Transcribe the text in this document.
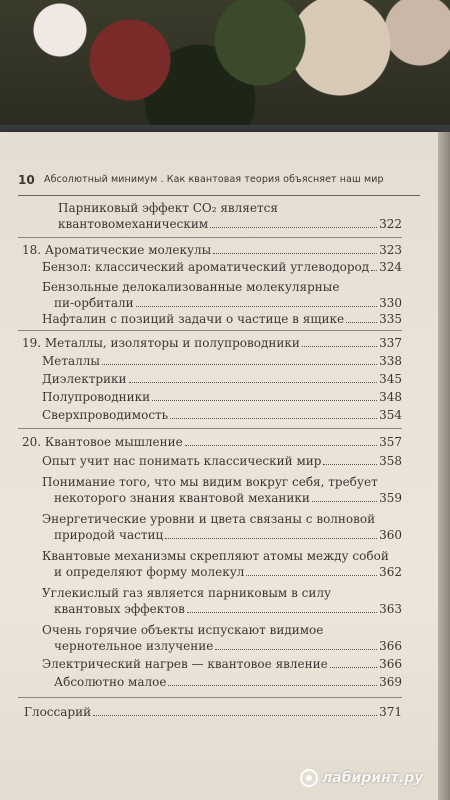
10 Абсолютный минимум . Как квантовая теория объясняет наш мир
Парниковый эффект CO₂ является
квантовомеханическим	322
18. Ароматические молекулы	323
Бензол: классический ароматический углеводород 324
Бензольные делокализованные молекулярные
пи-орбитали	330
Нафталин с позиций задачи о частице в ящике	335
19. Металлы, изоляторы и полупроводники	337
Металлы	338
Диэлектрики	345
Полупроводники	348
Сверхпроводимость	354
20. Квантовое мышление	357
Опыт учит нас понимать классический мир	358
Понимание того, что мы видим вокруг себя, требует
некоторого знания квантовой механики	359
Энергетические уровни и цвета связаны с волновой
природой частиц	360
Квантовые механизмы скрепляют атомы между собой
и определяют форму молекул	362
Углекислый газ является парниковым в силу
квантовых эффектов	363
Очень горячие объекты испускают видимое
чернотельное излучение	366
Электрический нагрев — квантовое явление	366
Абсолютно малое	369
Глоссарий	371
лабиринт.ру
